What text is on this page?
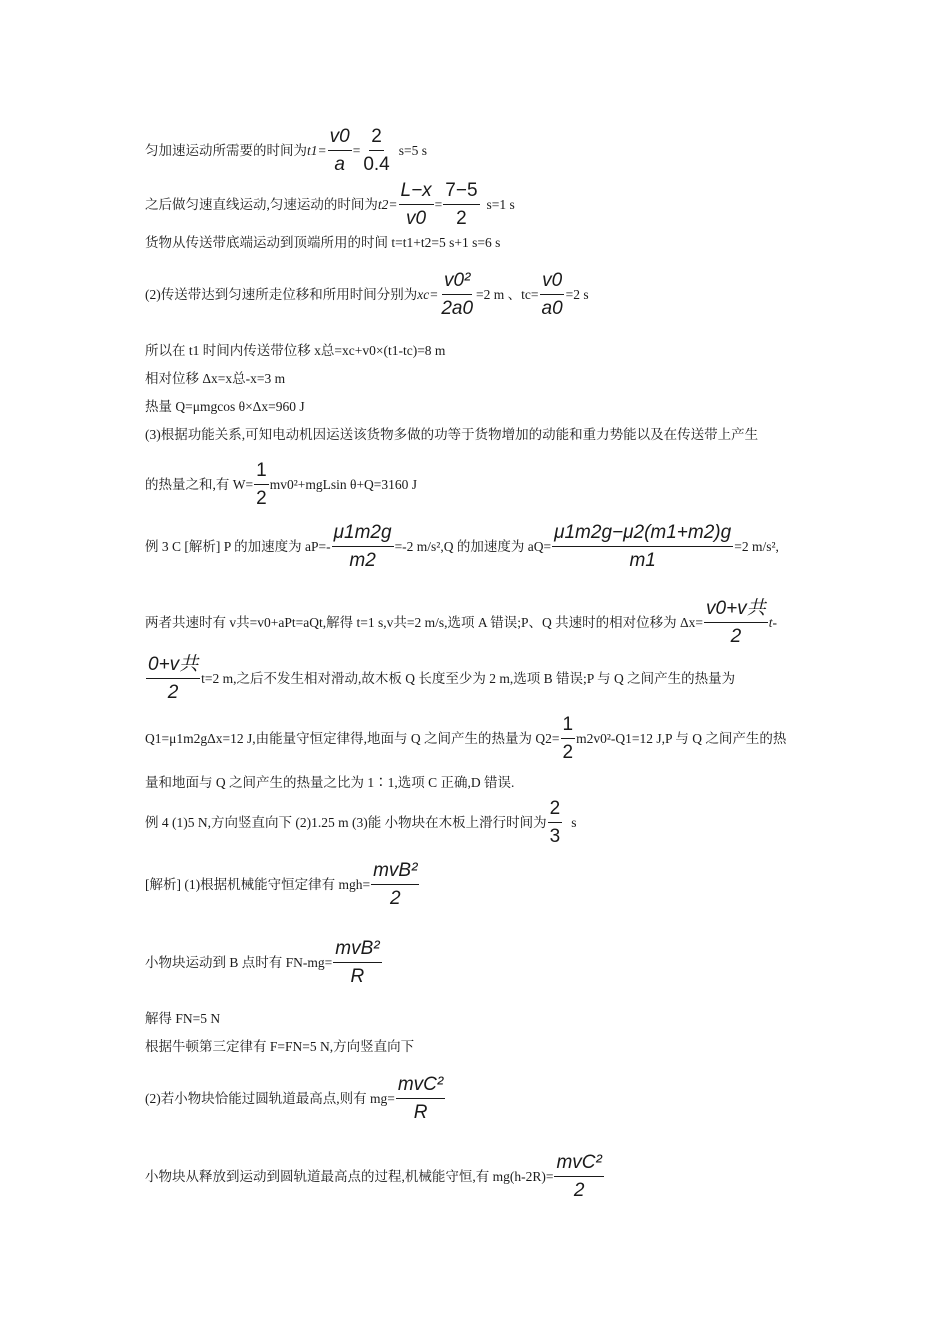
匀加速运动所需要的时间为 $t1= \frac{v0}{a} = \frac{2}{0.4} s=5$ s
之后做匀速直线运动,匀速运动的时间为 $t2= \frac{L-x}{v0} = \frac{7-5}{2} s=1$ s
货物从传送带底端运动到顶端所用的时间 t=t1+t2=5 s+1 s=6 s
(2)传送带达到匀速所走位移和所用时间分别为 $xc= \frac{\text{v0²}}{2a0} =2$ m 、$tc= \frac{v0}{a0} =2$ s
所以在 t1 时间内传送带位移 x总=xc+v0×(t1-tc)=8 m
相对位移 Δx=x总-x=3 m
热量 Q=μmgcos θ×Δx=960 J
(3)根据功能关系,可知电动机因运送该货物多做的功等于货物增加的动能和重力势能以及在传送带上产生
的热量之和,有 $W= \frac{1}{2} mv0^2+mgLsin$ θ+Q=3160 J
例 3 C [解析] P 的加速度为 $aP=- \frac{\mu 1m2g}{m2} =-2$ m/s²,Q 的加速度为 $aQ= \frac{\mu 1m2g-\mu 2(m1+m2)g}{m1} =2$ m/s²,
两者共速时有 v共=v0+aPt=aQt,解得 t=1 s,v共=2 m/s,选项 A 错误;P、Q 共速时的相对位移为 $\Delta x= \frac{\text{v0+v共}}{2} t-$
$\frac{\text{0+v共}}{2} t=2$ m,之后不发生相对滑动,故木板 Q 长度至少为 2 m,选项 B 错误;P 与 Q 之间产生的热量为
Q1=μ1m2gΔx=12 J,由能量守恒定律得,地面与 Q 之间产生的热量为 $Q2= \frac{1}{2} m2v0^2-Q1=12$ J,P 与 Q 之间产生的热
量和地面与 Q 之间产生的热量之比为 1∶1,选项 C 正确,D 错误.
例 4 (1)5 N,方向竖直向下 (2)1.25 m (3)能 小物块在木板上滑行时间为 $\frac{2}{3}$ s
[解析] (1)根据机械能守恒定律有 $mgh= \frac{\text{mvB²}}{2}$
小物块运动到 B 点时有 $FN-mg= \frac{\text{mvB²}}{R}$
解得 FN=5 N
根据牛顿第三定律有 F=FN=5 N,方向竖直向下
(2)若小物块恰能过圆轨道最高点,则有 $mg= \frac{\text{mvC²}}{R}$
小物块从释放到运动到圆轨道最高点的过程,机械能守恒,有 $mg(h-2R)= \frac{\text{mvC²}}{2}$
